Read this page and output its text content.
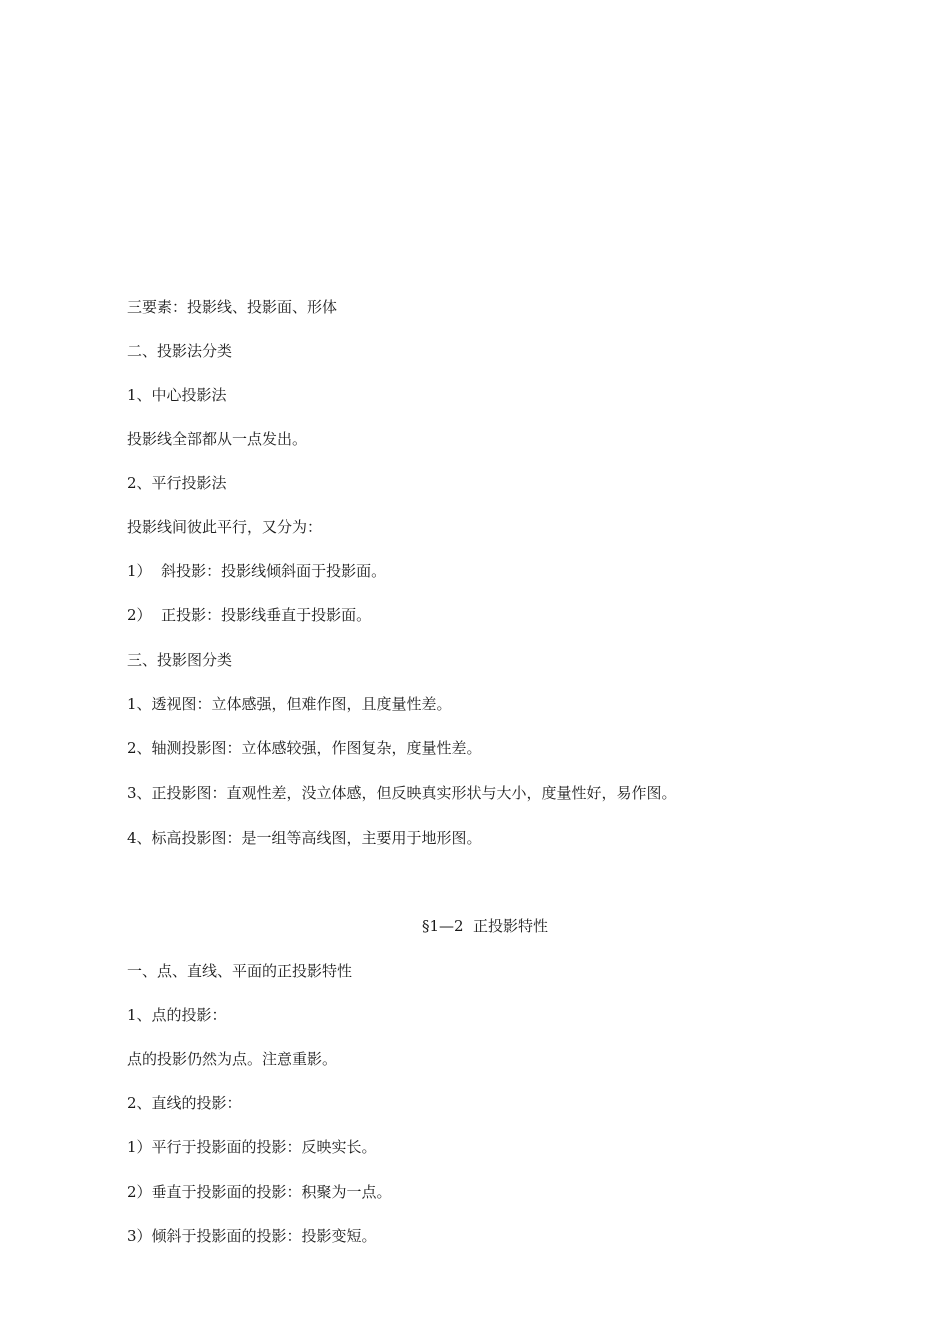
三要素：投影线、投影面、形体
二、投影法分类
1、中心投影法
投影线全部都从一点发出。
2、平行投影法
投影线间彼此平行，又分为：
1）  斜投影：投影线倾斜面于投影面。
2）  正投影：投影线垂直于投影面。
三、投影图分类
1、透视图：立体感强，但难作图，且度量性差。
2、轴测投影图：立体感较强，作图复杂，度量性差。
3、正投影图：直观性差，没立体感，但反映真实形状与大小，度量性好，易作图。
4、标高投影图：是一组等高线图，主要用于地形图。
§1—2  正投影特性
一、点、直线、平面的正投影特性
1、点的投影：
点的投影仍然为点。注意重影。
2、直线的投影：
1）平行于投影面的投影：反映实长。
2）垂直于投影面的投影：积聚为一点。
3）倾斜于投影面的投影：投影变短。
